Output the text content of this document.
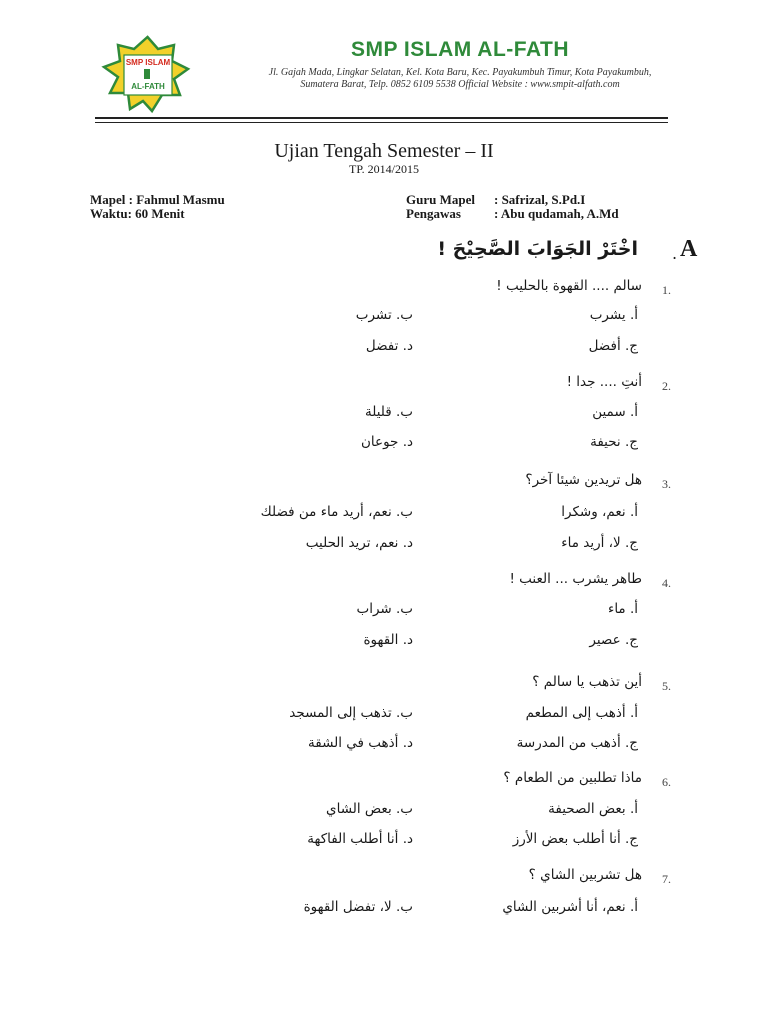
SMP ISLAM
AL-FATH
SMP ISLAM AL-FATH
Jl. Gajah Mada, Lingkar Selatan, Kel. Kota Baru, Kec. Payakumbuh Timur, Kota Payakumbuh,
Sumatera Barat, Telp. 0852 6109 5538 Official Website : www.smpit-alfath.com
Ujian Tengah Semester – II
TP. 2014/2015
Mapel : Fahmul Masmu
Waktu: 60 Menit
Guru Mapel : Safrizal, S.Pd.I
Pengawas	: Abu qudamah, A.Md
اخْتَرْ الجَوَابَ الصَّحِيْحَ ! . A
1.
سالم .... القهوة بالحليب !
أ. يشرب
ب. تشرب
ج. أفضل
د. تفضل
2.
أنتِ .... جدا !
أ. سمين
ب. قليلة
ج. نحيفة
د. جوعان
3.
هل تريدين شيئا آخر؟
أ. نعم، وشكرا
ب. نعم، أريد ماء من فضلك
ج. لا، أريد ماء
د. نعم، تريد الحليب
4.
طاهر يشرب ... العنب !
أ. ماء
ب. شراب
ج. عصير
د. القهوة
5.
أين تذهب يا سالم ؟
أ. أذهب إلى المطعم
ب. تذهب إلى المسجد
ج. أذهب من المدرسة
د. أذهب في الشقة
6.
ماذا تطلبين من الطعام ؟
أ. بعض الصحيفة
ب. بعض الشاي
ج. أنا أطلب بعض الأرز
د. أنا أطلب الفاكهة
7.
هل تشربين الشاي ؟
أ. نعم، أنا أشربين الشاي
ب. لا، تفضل القهوة
